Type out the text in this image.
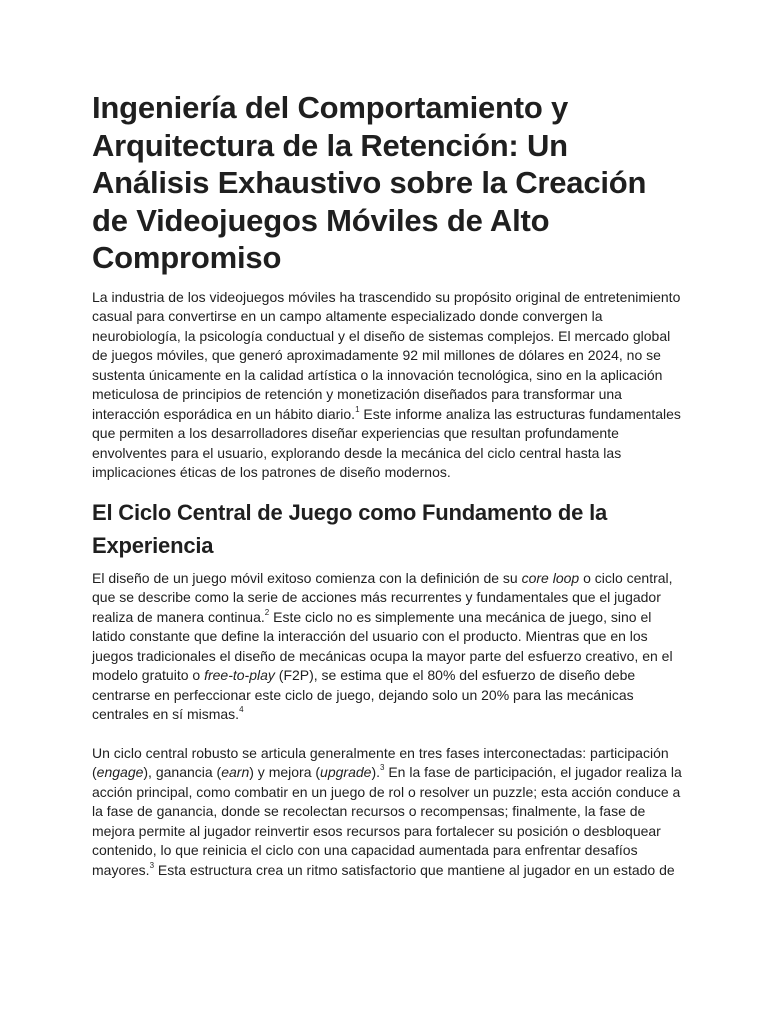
Ingeniería del Comportamiento y Arquitectura de la Retención: Un Análisis Exhaustivo sobre la Creación de Videojuegos Móviles de Alto Compromiso

La industria de los videojuegos móviles ha trascendido su propósito original de entretenimiento casual para convertirse en un campo altamente especializado donde convergen la neurobiología, la psicología conductual y el diseño de sistemas complejos. El mercado global de juegos móviles, que generó aproximadamente 92 mil millones de dólares en 2024, no se sustenta únicamente en la calidad artística o la innovación tecnológica, sino en la aplicación meticulosa de principios de retención y monetización diseñados para transformar una interacción esporádica en un hábito diario.$^1$ Este informe analiza las estructuras fundamentales que permiten a los desarrolladores diseñar experiencias que resultan profundamente envolventes para el usuario, explorando desde la mecánica del ciclo central hasta las implicaciones éticas de los patrones de diseño modernos.

El Ciclo Central de Juego como Fundamento de la Experiencia

El diseño de un juego móvil exitoso comienza con la definición de su core loop o ciclo central, que se describe como la serie de acciones más recurrentes y fundamentales que el jugador realiza de manera continua.$^2$ Este ciclo no es simplemente una mecánica de juego, sino el latido constante que define la interacción del usuario con el producto. Mientras que en los juegos tradicionales el diseño de mecánicas ocupa la mayor parte del esfuerzo creativo, en el modelo gratuito o free-to-play (F2P), se estima que el 80% del esfuerzo de diseño debe centrarse en perfeccionar este ciclo de juego, dejando solo un 20% para las mecánicas centrales en sí mismas.$^4$

Un ciclo central robusto se articula generalmente en tres fases interconectadas: participación (engage), ganancia (earn) y mejora (upgrade).$^3$ En la fase de participación, el jugador realiza la acción principal, como combatir en un juego de rol o resolver un puzzle; esta acción conduce a la fase de ganancia, donde se recolectan recursos o recompensas; finalmente, la fase de mejora permite al jugador reinvertir esos recursos para fortalecer su posición o desbloquear contenido, lo que reinicia el ciclo con una capacidad aumentada para enfrentar desafíos mayores.$^3$ Esta estructura crea un ritmo satisfactorio que mantiene al jugador en un estado de
